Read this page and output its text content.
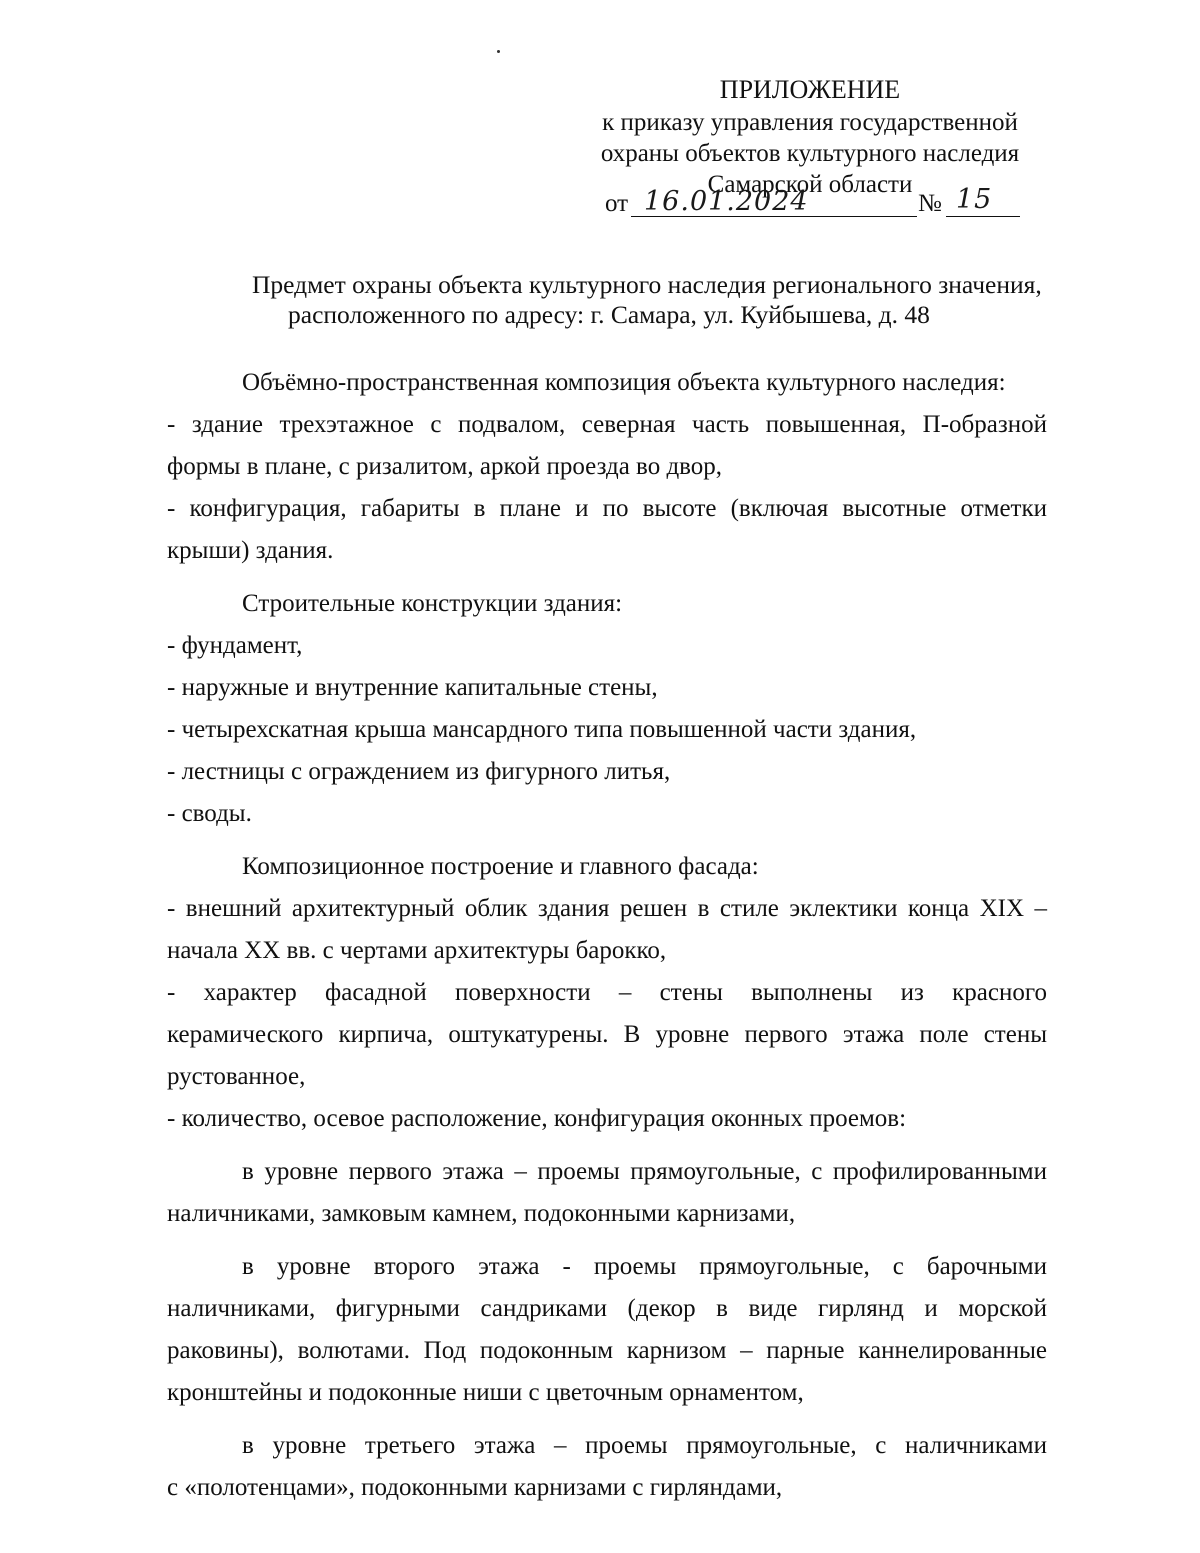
ПРИЛОЖЕНИЕ
к приказу управления государственной
охраны объектов культурного наследия
Самарской области
от 16.01.2024	№ 15
Предмет охраны объекта культурного наследия регионального значения,
расположенного по адресу: г. Самара, ул. Куйбышева, д. 48

Объёмно-пространственная композиция объекта культурного наследия:

- здание трехэтажное с подвалом, северная часть повышенная, П-образной
формы в плане, с ризалитом, аркой проезда во двор,

- конфигурация, габариты в плане и по высоте (включая высотные отметки
крыши) здания.

Строительные конструкции здания:

- фундамент,

- наружные и внутренние капитальные стены,

- четырехскатная крыша мансардного типа повышенной части здания,

- лестницы с ограждением из фигурного литья,

- своды.

Композиционное построение и главного фасада:

- внешний архитектурный облик здания решен в стиле эклектики конца XIX –
начала XX вв. с чертами архитектуры барокко,

- характер фасадной поверхности – стены выполнены из красного
керамического кирпича, оштукатурены. В уровне первого этажа поле стены
рустованное,

- количество, осевое расположение, конфигурация оконных проемов:

в уровне первого этажа – проемы прямоугольные, с профилированными
наличниками, замковым камнем, подоконными карнизами,

в уровне второго этажа - проемы прямоугольные, с барочными
наличниками, фигурными сандриками (декор в виде гирлянд и морской
раковины), волютами. Под подоконным карнизом – парные каннелированные
кронштейны и подоконные ниши с цветочным орнаментом,

в уровне третьего этажа – проемы прямоугольные, с наличниками
с «полотенцами», подоконными карнизами с гирляндами,
